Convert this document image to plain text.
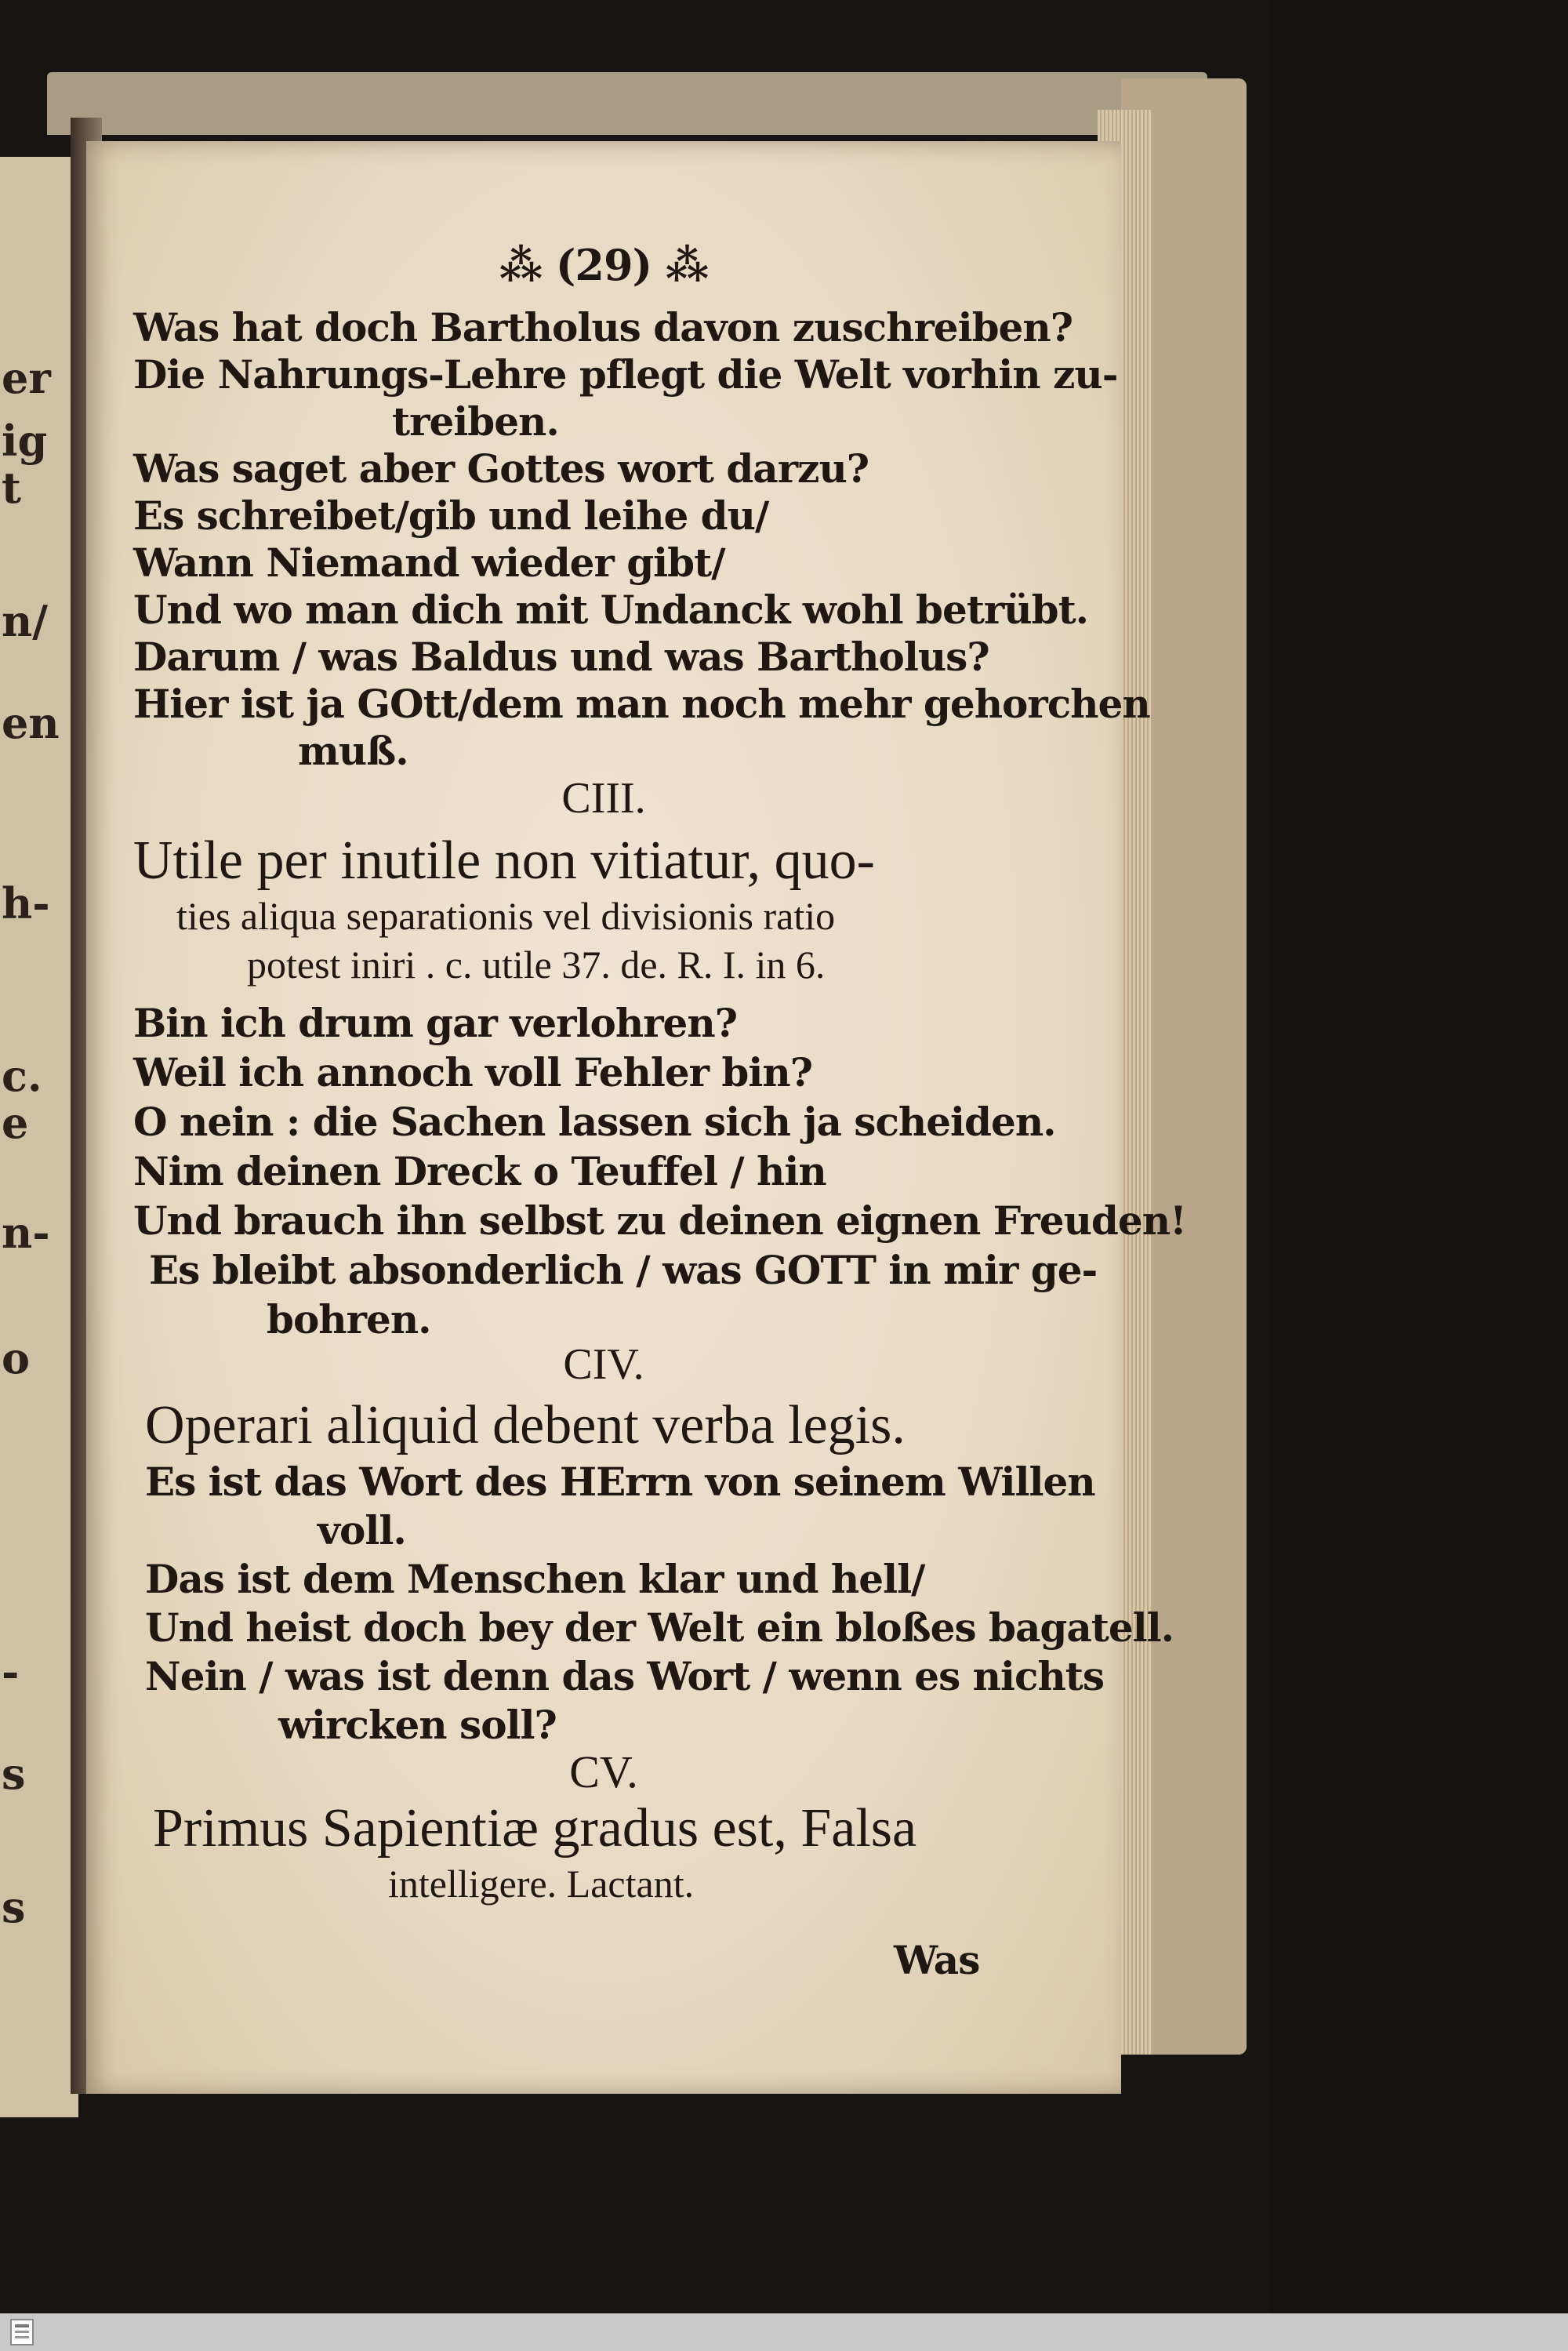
er
ig
t
n/
en
h-
c.
e
n-
o
-
s
s
⁂ (29) ⁂
Was hat doch Bartholus davon zuschreiben?
Die Nahrungs-Lehre pflegt die Welt vorhin zu-
treiben.
Was saget aber Gottes wort darzu?
Es schreibet/gib und leihe du/
Wann Niemand wieder gibt/
Und wo man dich mit Undanck wohl betrübt.
Darum / was Baldus und was Bartholus?
Hier ist ja GOtt/dem man noch mehr gehorchen
muß.
CIII.
Utile per inutile non vitiatur, quo-
ties aliqua separationis vel divisionis ratio
potest iniri . c. utile 37. de. R. I. in 6.
Bin ich drum gar verlohren?
Weil ich annoch voll Fehler bin?
O nein : die Sachen lassen sich ja scheiden.
Nim deinen Dreck o Teuffel / hin
Und brauch ihn selbst zu deinen eignen Freuden!
Es bleibt absonderlich / was GOTT in mir ge-
bohren.
CIV.
Operari aliquid debent verba legis.
Es ist das Wort des HErrn von seinem Willen
voll.
Das ist dem Menschen klar und hell/
Und heist doch bey der Welt ein bloßes bagatell.
Nein / was ist denn das Wort / wenn es nichts
wircken soll?
CV.
Primus Sapientiæ gradus est, Falsa
intelligere. Lactant.
Was
